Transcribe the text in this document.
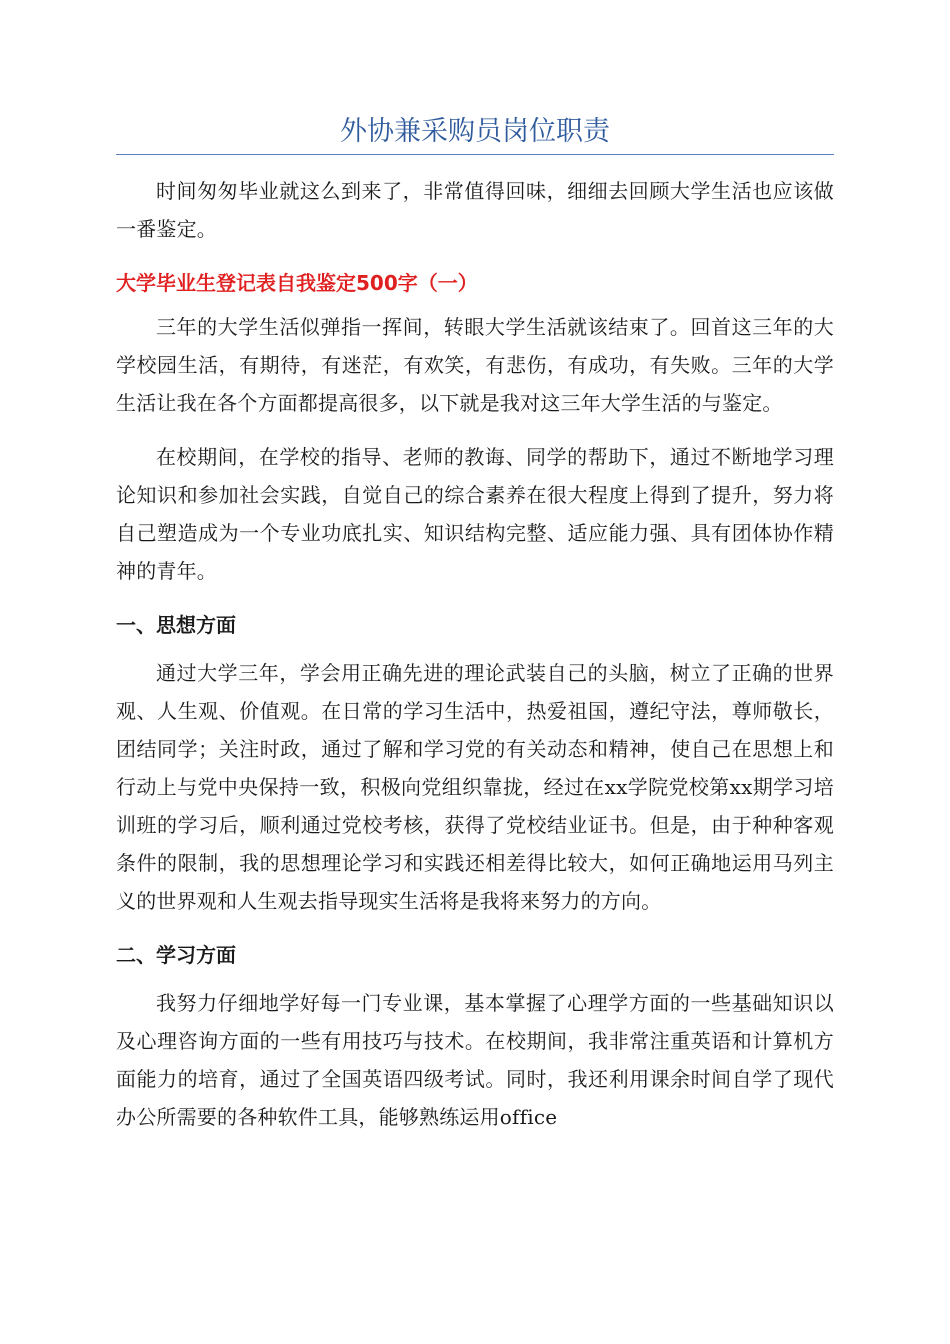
外协兼采购员岗位职责

时间匆匆毕业就这么到来了，非常值得回味，细细去回顾大学生活也应该做一番鉴定。

大学毕业生登记表自我鉴定500字（一）

三年的大学生活似弹指一挥间，转眼大学生活就该结束了。回首这三年的大学校园生活，有期待，有迷茫，有欢笑，有悲伤，有成功，有失败。三年的大学生活让我在各个方面都提高很多，以下就是我对这三年大学生活的与鉴定。

在校期间，在学校的指导、老师的教诲、同学的帮助下，通过不断地学习理论知识和参加社会实践，自觉自己的综合素养在很大程度上得到了提升，努力将自己塑造成为一个专业功底扎实、知识结构完整、适应能力强、具有团体协作精神的青年。

一、思想方面

通过大学三年，学会用正确先进的理论武装自己的头脑，树立了正确的世界观、人生观、价值观。在日常的学习生活中，热爱祖国，遵纪守法，尊师敬长，团结同学；关注时政，通过了解和学习党的有关动态和精神，使自己在思想上和行动上与党中央保持一致，积极向党组织靠拢，经过在xx学院党校第xx期学习培训班的学习后，顺利通过党校考核，获得了党校结业证书。但是，由于种种客观条件的限制，我的思想理论学习和实践还相差得比较大，如何正确地运用马列主义的世界观和人生观去指导现实生活将是我将来努力的方向。

二、学习方面

我努力仔细地学好每一门专业课，基本掌握了心理学方面的一些基础知识以及心理咨询方面的一些有用技巧与技术。在校期间，我非常注重英语和计算机方面能力的培育，通过了全国英语四级考试。同时，我还利用课余时间自学了现代办公所需要的各种软件工具，能够熟练运用office
